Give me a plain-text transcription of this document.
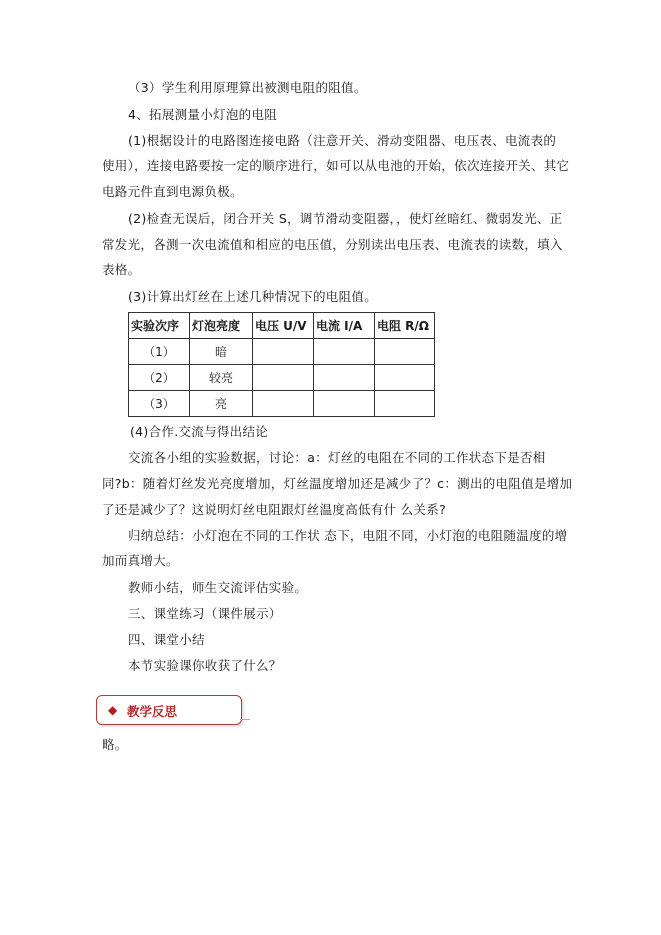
（3）学生利用原理算出被测电阻的阻值。
4、拓展测量小灯泡的电阻
(1)根据设计的电路图连接电路（注意开关、滑动变阻器、电压表、电流表的
使用），连接电路要按一定的顺序进行，如可以从电池的开始，依次连接开关、其它
电路元件直到电源负极。
(2)检查无误后，闭合开关 S，调节滑动变阻器，，使灯丝暗红、微弱发光、正
常发光，各测一次电流值和相应的电压值，分别读出电压表、电流表的读数，填入
表格。
(3)计算出灯丝在上述几种情况下的电阻值。
实验次序	灯泡亮度	电压 U/V	电流 I/A	电阻 R/Ω
（1）	暗			
（2）	较亮			
（3）	亮			
(4)合作.交流与得出结论
交流各小组的实验数据，讨论：a：灯丝的电阻在不同的工作状态下是否相
同?b：随着灯丝发光亮度增加，灯丝温度增加还是减少了？c：测出的电阻值是增加
了还是减少了？这说明灯丝电阻跟灯丝温度高低有什 么关系?
归纳总结：小灯泡在不同的工作状 态下，电阻不同，小灯泡的电阻随温度的增
加而真增大。
教师小结，师生交流评估实验。
三、课堂练习（课件展示）
四、课堂小结
本节实验课你收获了什么？
◆ 教学反思
略。
